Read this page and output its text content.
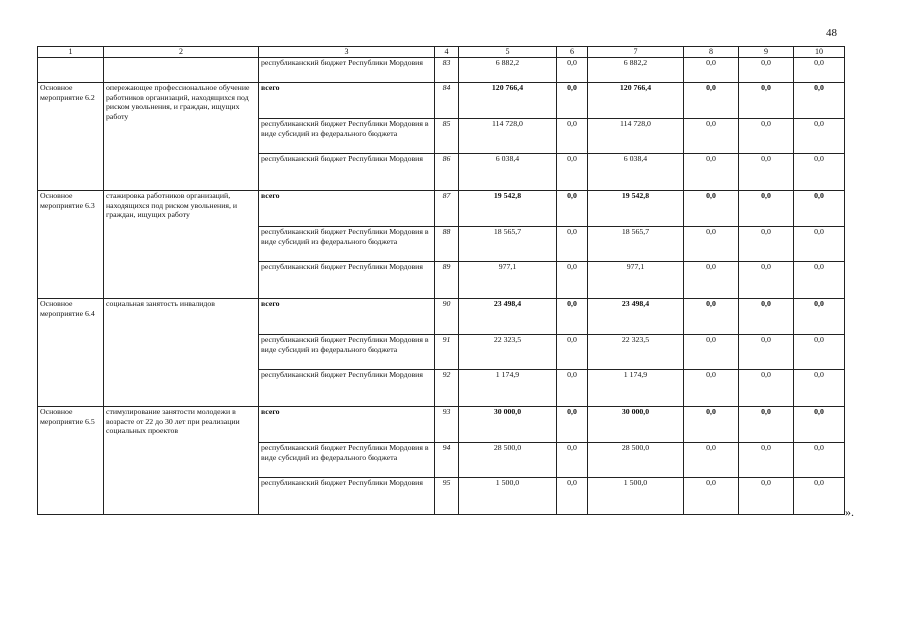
48
1	2	3	4	5	6	7	8	9	10
		республиканский бюджет Республики Мордовия	83	6 882,2	0,0	6 882,2	0,0	0,0	0,0
Основное мероприятие 6.2	опережающее профессиональное обучение работников организаций, находящихся под риском увольнения, и граждан, ищущих работу	всего	84	120 766,4	0,0	120 766,4	0,0	0,0	0,0
		республиканский бюджет Республики Мордовия в виде субсидий из федерального бюджета	85	114 728,0	0,0	114 728,0	0,0	0,0	0,0
		республиканский бюджет Республики Мордовия	86	6 038,4	0,0	6 038,4	0,0	0,0	0,0
Основное мероприятие 6.3	стажировка работников организаций, находящихся под риском увольнения, и граждан, ищущих работу	всего	87	19 542,8	0,0	19 542,8	0,0	0,0	0,0
		республиканский бюджет Республики Мордовия в виде субсидий из федерального бюджета	88	18 565,7	0,0	18 565,7	0,0	0,0	0,0
		республиканский бюджет Республики Мордовия	89	977,1	0,0	977,1	0,0	0,0	0,0
Основное мероприятие 6.4	социальная занятость инвалидов	всего	90	23 498,4	0,0	23 498,4	0,0	0,0	0,0
		республиканский бюджет Республики Мордовия в виде субсидий из федерального бюджета	91	22 323,5	0,0	22 323,5	0,0	0,0	0,0
		республиканский бюджет Республики Мордовия	92	1 174,9	0,0	1 174,9	0,0	0,0	0,0
Основное мероприятие 6.5	стимулирование занятости молодежи в возрасте от 22 до 30 лет при реализации социальных проектов	всего	93	30 000,0	0,0	30 000,0	0,0	0,0	0,0
		республиканский бюджет Республики Мордовия в виде субсидий из федерального бюджета	94	28 500,0	0,0	28 500,0	0,0	0,0	0,0
		республиканский бюджет Республики Мордовия	95	1 500,0	0,0	1 500,0	0,0	0,0	0,0
».
